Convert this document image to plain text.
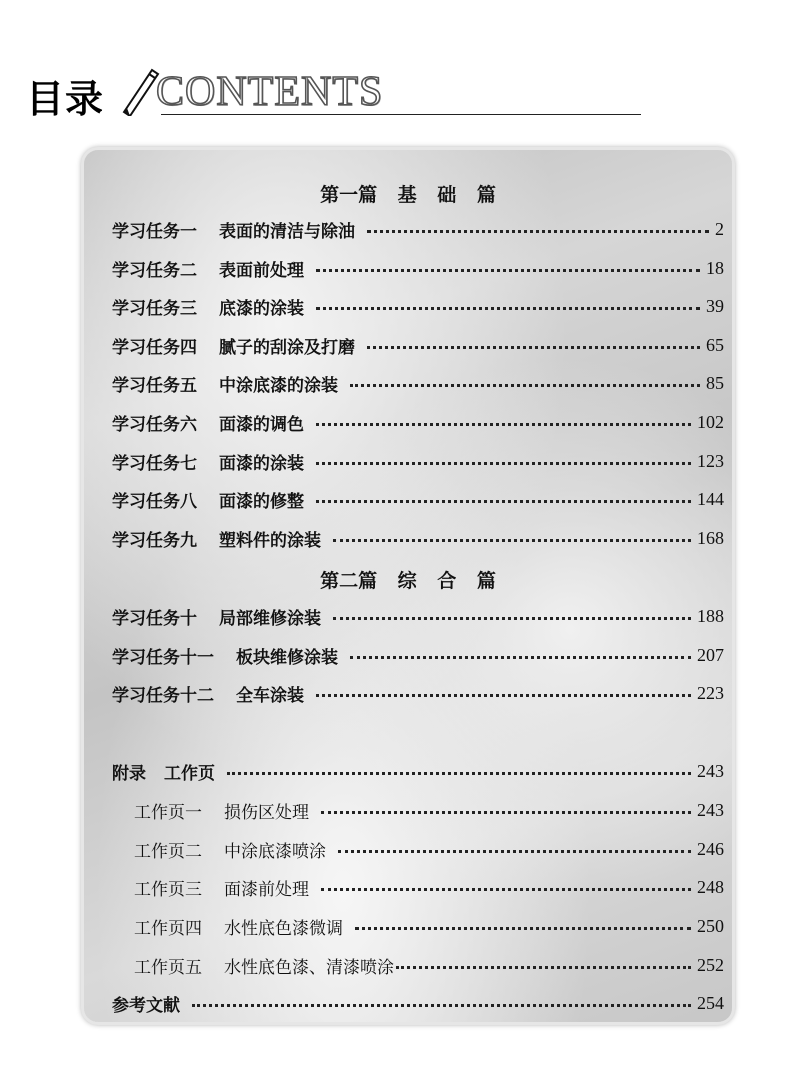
目录 CONTENTS
第一篇 基 础 篇
学习任务一 表面的清洁与除油	2
学习任务二 表面前处理	18
学习任务三 底漆的涂装	39
学习任务四 腻子的刮涂及打磨	65
学习任务五 中涂底漆的涂装	85
学习任务六 面漆的调色	102
学习任务七 面漆的涂装	123
学习任务八 面漆的修整	144
学习任务九 塑料件的涂装	168
第二篇 综 合 篇
学习任务十 局部维修涂装	188
学习任务十一 板块维修涂装	207
学习任务十二 全车涂装	223
附录 工作页	243
工作页一 损伤区处理	243
工作页二 中涂底漆喷涂	246
工作页三 面漆前处理	248
工作页四 水性底色漆微调	250
工作页五 水性底色漆、清漆喷涂	252
参考文献	254
